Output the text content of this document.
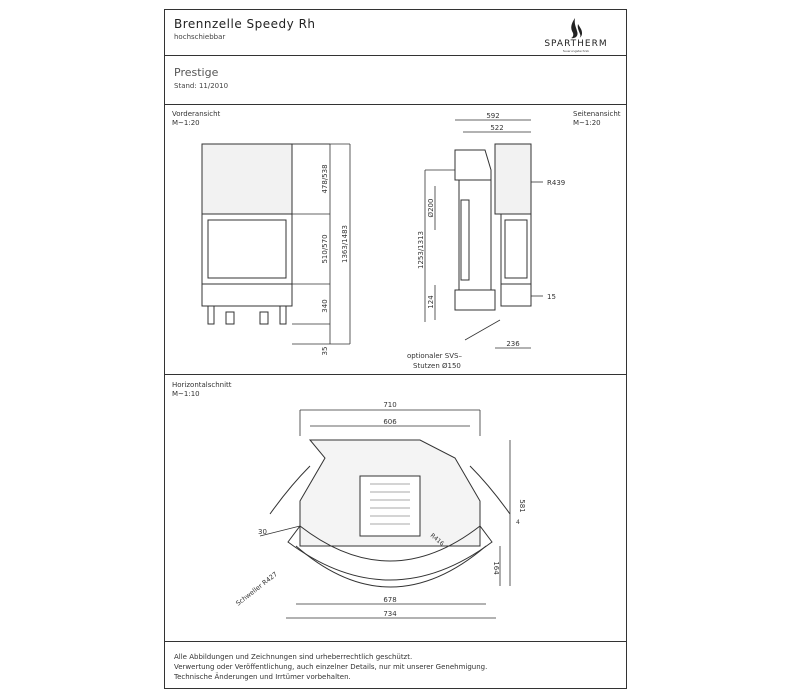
Brennzelle Speedy Rh
hochschiebbar
SPARTHERM
feuerungstechnik
Prestige
Stand: 11/2010
Vorderansicht
M~1:20
Seitenansicht
M~1:20
Horizontalschnitt
M~1:10
478/538
510/570
340
35
1363/1483
592
522
Ø200
R439
1253/1313
124	15
236
optionaler SVS–
Stutzen Ø150
710
606
30
R416
4
581
164
678
734
Schweller R427
Alle Abbildungen und Zeichnungen sind urheberrechtlich geschützt.
Verwertung oder Veröffentlichung, auch einzelner Details, nur mit unserer Genehmigung.
Technische Änderungen und Irrtümer vorbehalten.
